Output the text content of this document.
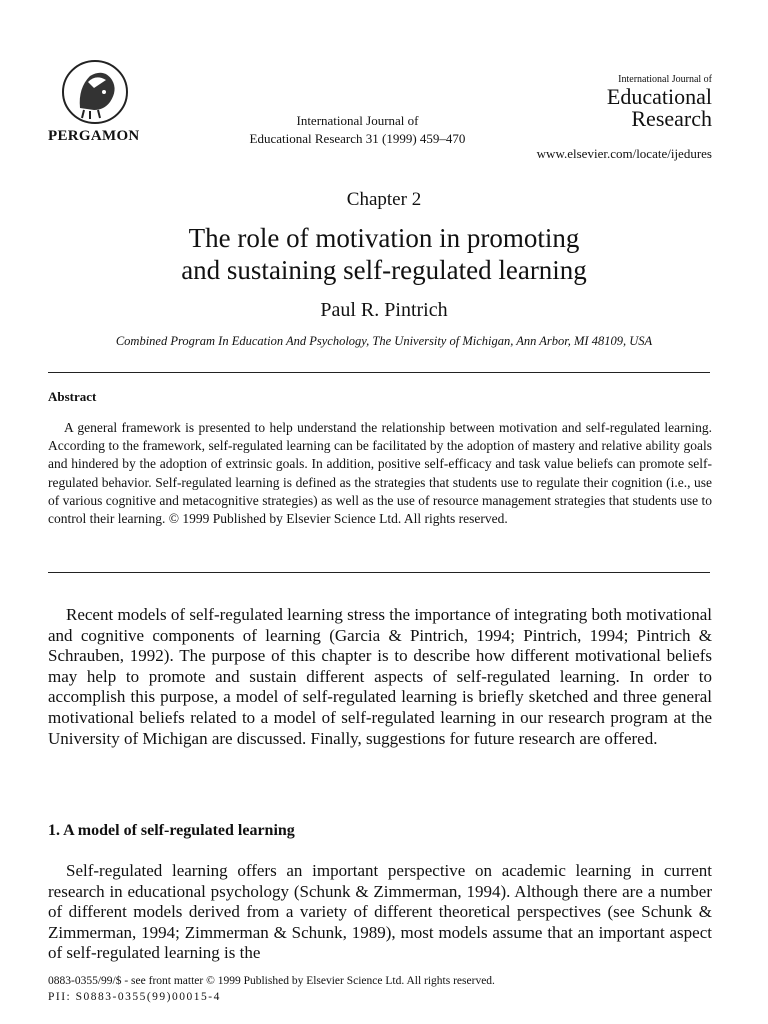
PERGAMON
International Journal of
Educational Research 31 (1999) 459–470
International Journal of
Educational
Research
www.elsevier.com/locate/ijedures
Chapter 2
The role of motivation in promoting
and sustaining self-regulated learning
Paul R. Pintrich
Combined Program In Education And Psychology, The University of Michigan, Ann Arbor, MI 48109, USA
Abstract
A general framework is presented to help understand the relationship between motivation and self-regulated learning. According to the framework, self-regulated learning can be facilitated by the adoption of mastery and relative ability goals and hindered by the adoption of extrinsic goals. In addition, positive self-efficacy and task value beliefs can promote self-regulated behavior. Self-regulated learning is defined as the strategies that students use to regulate their cognition (i.e., use of various cognitive and metacognitive strategies) as well as the use of resource management strategies that students use to control their learning. © 1999 Published by Elsevier Science Ltd. All rights reserved.
Recent models of self-regulated learning stress the importance of integrating both motivational and cognitive components of learning (Garcia & Pintrich, 1994; Pintrich, 1994; Pintrich & Schrauben, 1992). The purpose of this chapter is to describe how different motivational beliefs may help to promote and sustain different aspects of self-regulated learning. In order to accomplish this purpose, a model of self-regulated learning is briefly sketched and three general motivational beliefs related to a model of self-regulated learning in our research program at the University of Michigan are discussed. Finally, suggestions for future research are offered.
1. A model of self-regulated learning
Self-regulated learning offers an important perspective on academic learning in current research in educational psychology (Schunk & Zimmerman, 1994). Although there are a number of different models derived from a variety of different theoretical perspectives (see Schunk & Zimmerman, 1994; Zimmerman & Schunk, 1989), most models assume that an important aspect of self-regulated learning is the
0883-0355/99/$ - see front matter © 1999 Published by Elsevier Science Ltd. All rights reserved.
PII: S0883-0355(99)00015-4
